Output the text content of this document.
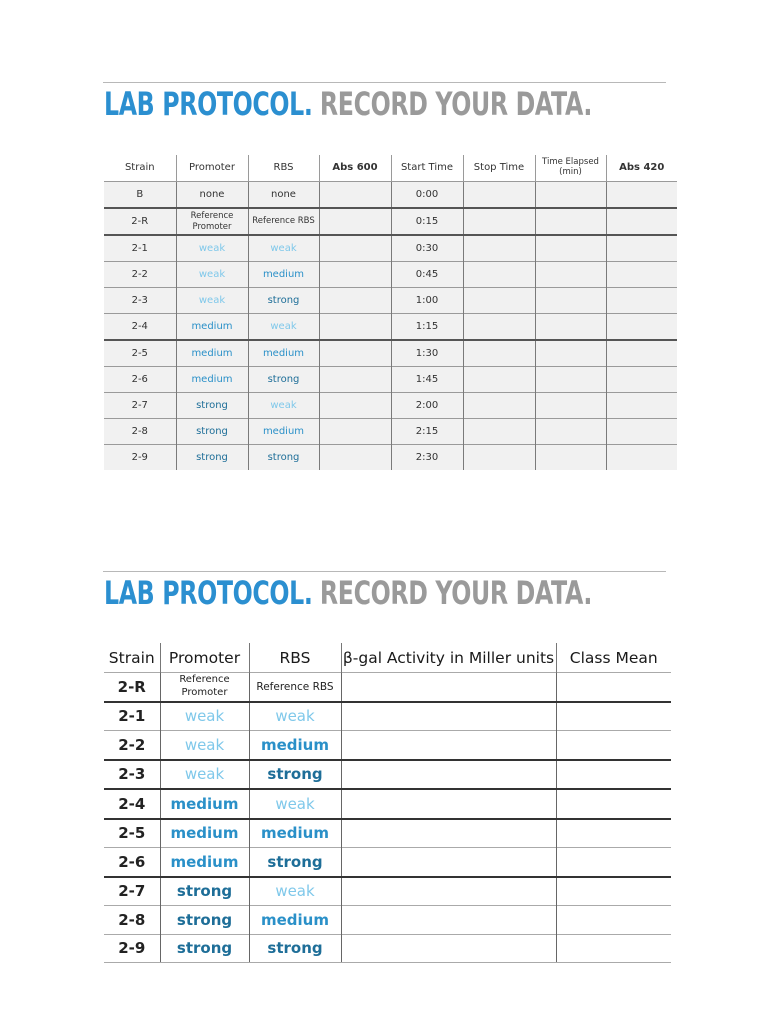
LAB PROTOCOL. RECORD YOUR DATA.
Strain	Promoter	RBS	Abs 600	Start Time	Stop Time	Time Elapsed (min)	Abs 420
B	none	none		0:00			
2-R	Reference Promoter	Reference RBS		0:15			
2-1	weak	weak		0:30			
2-2	weak	medium		0:45			
2-3	weak	strong		1:00			
2-4	medium	weak		1:15			
2-5	medium	medium		1:30			
2-6	medium	strong		1:45			
2-7	strong	weak		2:00			
2-8	strong	medium		2:15			
2-9	strong	strong		2:30			
LAB PROTOCOL. RECORD YOUR DATA.
Strain	Promoter	RBS	β-gal Activity in Miller units	Class Mean
2-R	Reference Promoter	Reference RBS		
2-1	weak	weak		
2-2	weak	medium		
2-3	weak	strong		
2-4	medium	weak		
2-5	medium	medium		
2-6	medium	strong		
2-7	strong	weak		
2-8	strong	medium		
2-9	strong	strong		
